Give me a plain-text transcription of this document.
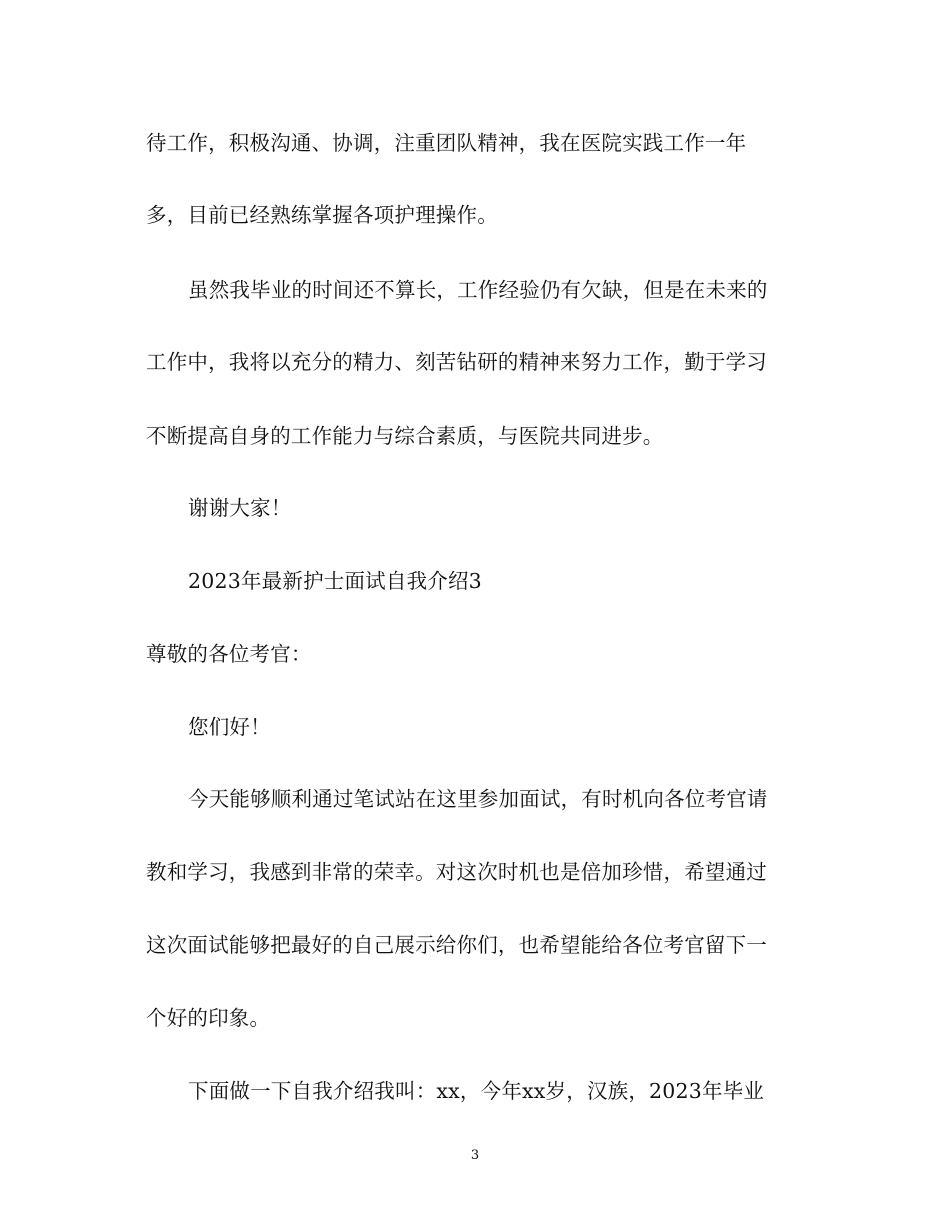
待工作，积极沟通、协调，注重团队精神，我在医院实践工作一年
多，目前已经熟练掌握各项护理操作。
虽然我毕业的时间还不算长，工作经验仍有欠缺，但是在未来的
工作中，我将以充分的精力、刻苦钻研的精神来努力工作，勤于学习
不断提高自身的工作能力与综合素质，与医院共同进步。
谢谢大家！
2023年最新护士面试自我介绍3
尊敬的各位考官：
您们好！
今天能够顺利通过笔试站在这里参加面试，有时机向各位考官请
教和学习，我感到非常的荣幸。对这次时机也是倍加珍惜，希望通过
这次面试能够把最好的自己展示给你们，也希望能给各位考官留下一
个好的印象。
下面做一下自我介绍我叫：xx，今年xx岁，汉族，2023年毕业
3
